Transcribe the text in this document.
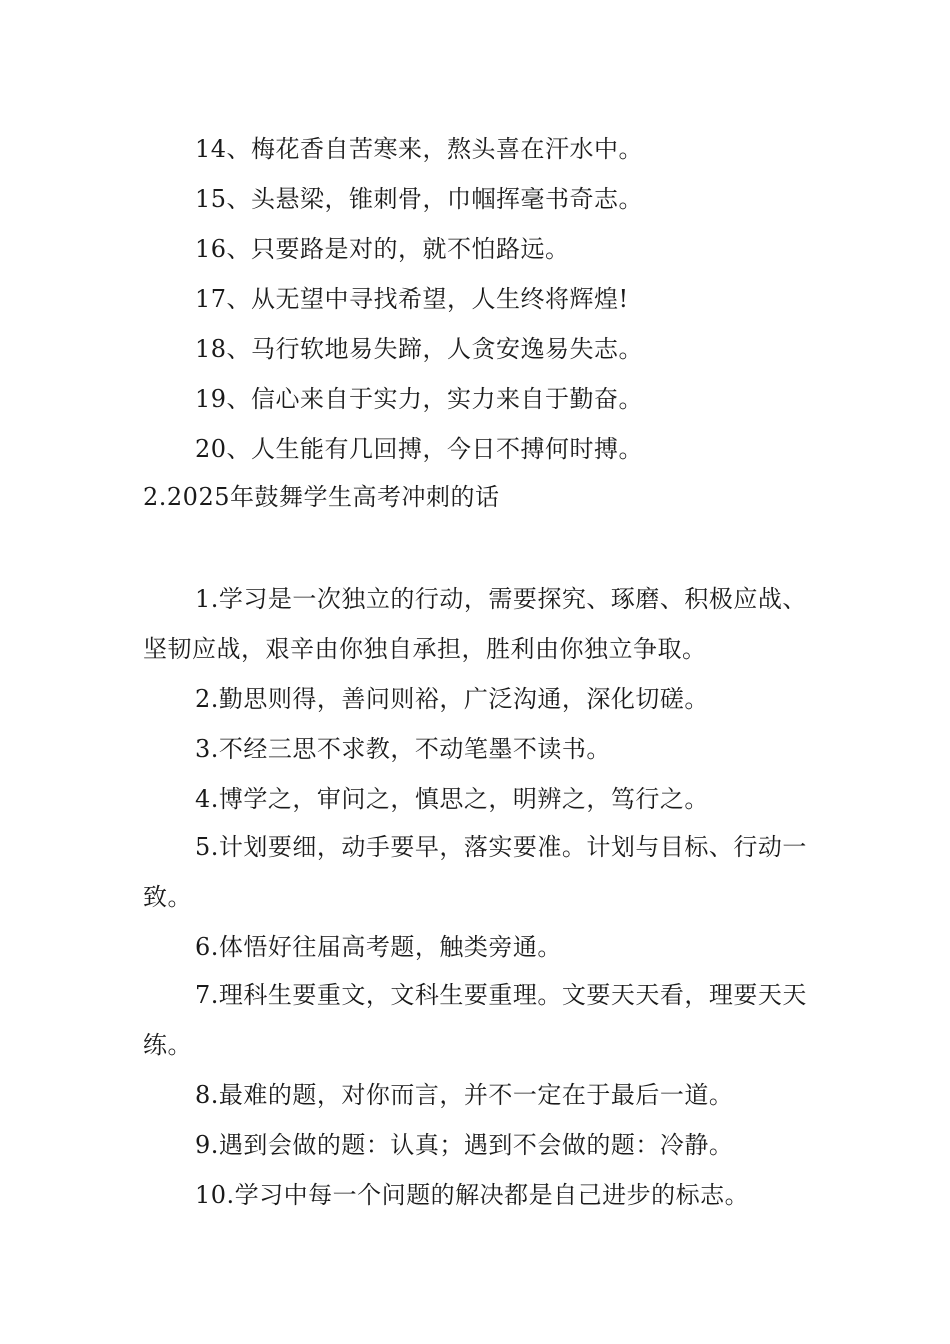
14、梅花香自苦寒来，熬头喜在汗水中。
15、头悬梁，锥刺骨，巾帼挥毫书奇志。
16、只要路是对的，就不怕路远。
17、从无望中寻找希望，人生终将辉煌!
18、马行软地易失蹄，人贪安逸易失志。
19、信心来自于实力，实力来自于勤奋。
20、人生能有几回搏，今日不搏何时搏。
2.2025年鼓舞学生高考冲刺的话
1.学习是一次独立的行动，需要探究、琢磨、积极应战、坚韧应战，艰辛由你独自承担，胜利由你独立争取。
2.勤思则得，善问则裕，广泛沟通，深化切磋。
3.不经三思不求教，不动笔墨不读书。
4.博学之，审问之，慎思之，明辨之，笃行之。
5.计划要细，动手要早，落实要准。计划与目标、行动一致。
6.体悟好往届高考题，触类旁通。
7.理科生要重文，文科生要重理。文要天天看，理要天天练。
8.最难的题，对你而言，并不一定在于最后一道。
9.遇到会做的题：认真；遇到不会做的题：冷静。
10.学习中每一个问题的解决都是自己进步的标志。
